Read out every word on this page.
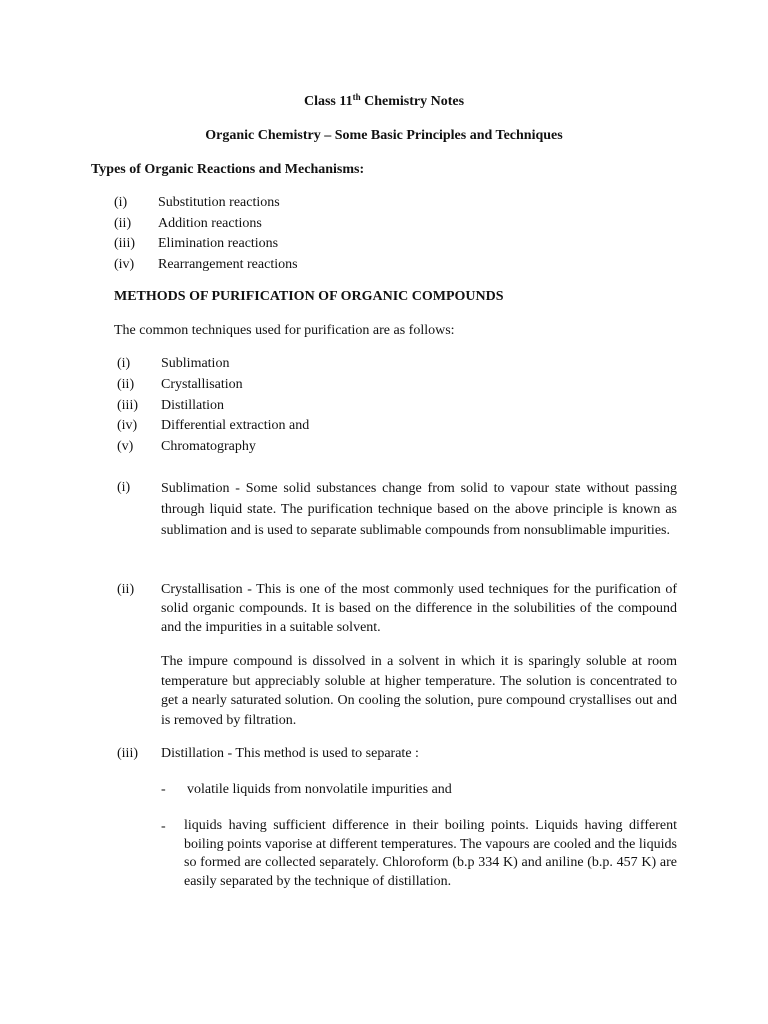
Class 11th Chemistry Notes
Organic Chemistry – Some Basic Principles and Techniques
Types of Organic Reactions and Mechanisms:
(i) Substitution reactions
(ii) Addition reactions
(iii) Elimination reactions
(iv) Rearrangement reactions
METHODS OF PURIFICATION OF ORGANIC COMPOUNDS
The common techniques used for purification are as follows:
(i) Sublimation
(ii) Crystallisation
(iii) Distillation
(iv) Differential extraction and
(v) Chromatography
(i) Sublimation - Some solid substances change from solid to vapour state without passing through liquid state. The purification technique based on the above principle is known as sublimation and is used to separate sublimable compounds from nonsublimable impurities.
(ii) Crystallisation - This is one of the most commonly used techniques for the purification of solid organic compounds. It is based on the difference in the solubilities of the compound and the impurities in a suitable solvent.
The impure compound is dissolved in a solvent in which it is sparingly soluble at room temperature but appreciably soluble at higher temperature. The solution is concentrated to get a nearly saturated solution. On cooling the solution, pure compound crystallises out and is removed by filtration.
(iii) Distillation - This method is used to separate :
- volatile liquids from nonvolatile impurities and
- liquids having sufficient difference in their boiling points. Liquids having different boiling points vaporise at different temperatures. The vapours are cooled and the liquids so formed are collected separately. Chloroform (b.p 334 K) and aniline (b.p. 457 K) are easily separated by the technique of distillation.
